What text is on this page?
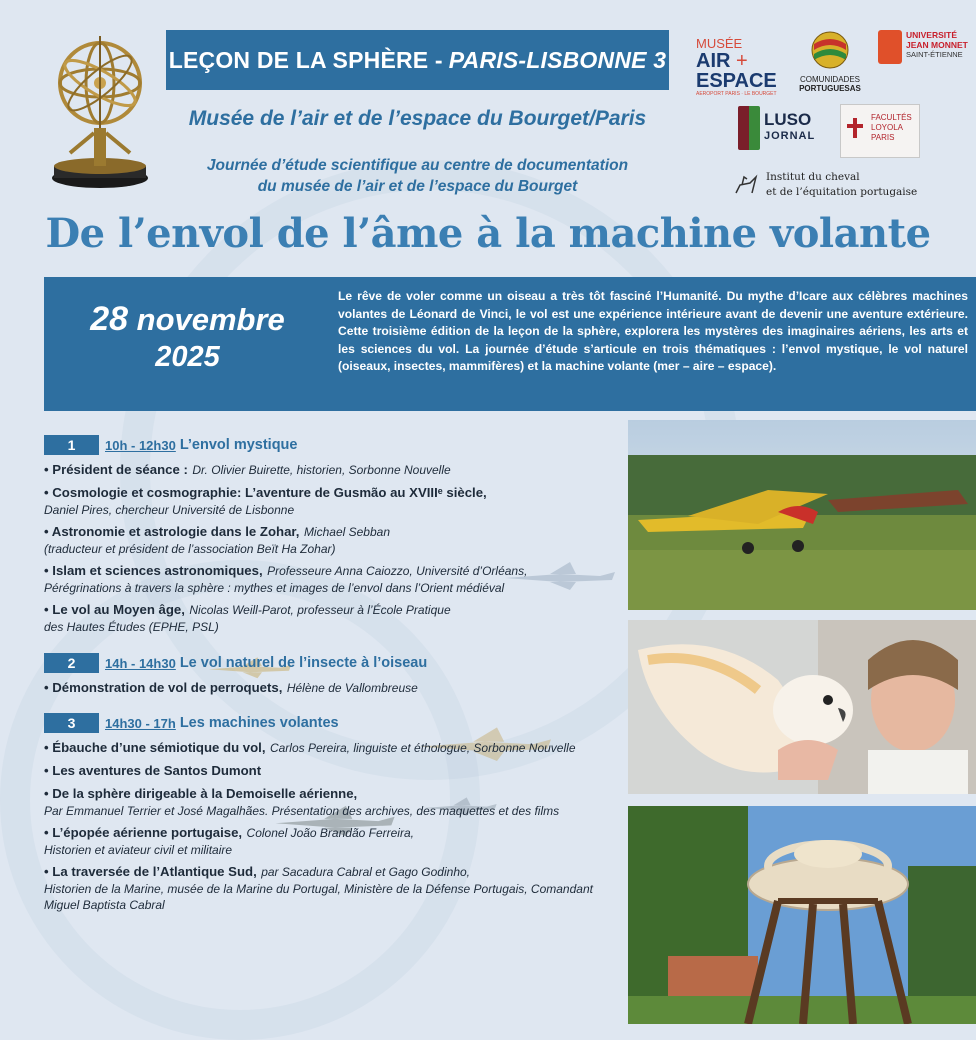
LEÇON DE LA SPHÈRE - PARIS-LISBONNE 3
Musée de l’air et de l’espace du Bourget/Paris
Journée d’étude scientifique au centre de documentation
du musée de l’air et de l’espace du Bourget
MUSÉE
AIR +
ESPACE
AEROPORT PARIS · LE BOURGET
COMUNIDADES
PORTUGUESAS
UNIVERSITÉ
JEAN MONNET
SAINT-ÉTIENNE
LUSO
JORNAL
FACULTÉS
LOYOLA
PARIS
Institut du cheval
et de l’équitation portugaise
De l’envol de l’âme à la machine volante
28 novembre
2025
Le rêve de voler comme un oiseau a très tôt fasciné l’Humanité. Du mythe d’Icare aux célèbres machines volantes de Léonard de Vinci, le vol est une expérience intérieure avant de devenir une aventure extérieure. Cette troisième édition de la leçon de la sphère, explorera les mystères des imaginaires aériens, les arts et les sciences du vol. La journée d’étude s’articule en trois thématiques : l’envol mystique, le vol naturel (oiseaux, insectes, mammifères) et la machine volante (mer – aire – espace).
1	10h - 12h30 L’envol mystique
• Président de séance : Dr. Olivier Buirette, historien, Sorbonne Nouvelle
• Cosmologie et cosmographie: L’aventure de Gusmão au XVIIIᵉ siècle,
Daniel Pires, chercheur Université de Lisbonne
• Astronomie et astrologie dans le Zohar, Michael Sebban
(traducteur et président de l’association Beït Ha Zohar)
• Islam et sciences astronomiques, Professeure Anna Caiozzo, Université d’Orléans,
Pérégrinations à travers la sphère : mythes et images de l’envol dans l’Orient médiéval
• Le vol au Moyen âge, Nicolas Weill-Parot, professeur à l’École Pratique
des Hautes Études (EPHE, PSL)
2	14h - 14h30 Le vol naturel de l’insecte à l’oiseau
• Démonstration de vol de perroquets, Hélène de Vallombreuse
3	14h30 - 17h Les machines volantes
• Ébauche d’une sémiotique du vol, Carlos Pereira, linguiste et éthologue, Sorbonne Nouvelle
• Les aventures de Santos Dumont
• De la sphère dirigeable à la Demoiselle aérienne,
Par Emmanuel Terrier et José Magalhães. Présentation des archives, des maquettes et des films
• L’épopée aérienne portugaise, Colonel João Brandão Ferreira,
Historien et aviateur civil et militaire
• La traversée de l’Atlantique Sud, par Sacadura Cabral et Gago Godinho,
Historien de la Marine, musée de la Marine du Portugal, Ministère de la Défense Portugais, Comandant Miguel Baptista Cabral
